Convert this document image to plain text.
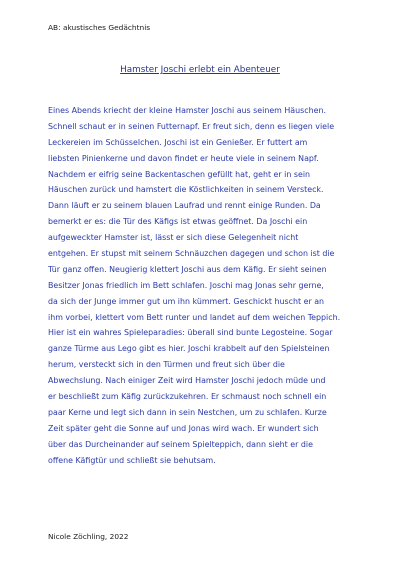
AB: akustisches Gedächtnis
Hamster Joschi erlebt ein Abenteuer
Eines Abends kriecht der kleine Hamster Joschi aus seinem Häuschen.
Schnell schaut er in seinen Futternapf. Er freut sich, denn es liegen viele
Leckereien im Schüsselchen. Joschi ist ein Genießer. Er futtert am
liebsten Pinienkerne und davon findet er heute viele in seinem Napf.
Nachdem er eifrig seine Backentaschen gefüllt hat, geht er in sein
Häuschen zurück und hamstert die Köstlichkeiten in seinem Versteck.
Dann läuft er zu seinem blauen Laufrad und rennt einige Runden. Da
bemerkt er es: die Tür des Käfigs ist etwas geöffnet. Da Joschi ein
aufgeweckter Hamster ist, lässt er sich diese Gelegenheit nicht
entgehen. Er stupst mit seinem Schnäuzchen dagegen und schon ist die
Tür ganz offen. Neugierig klettert Joschi aus dem Käfig. Er sieht seinen
Besitzer Jonas friedlich im Bett schlafen. Joschi mag Jonas sehr gerne,
da sich der Junge immer gut um ihn kümmert. Geschickt huscht er an
ihm vorbei, klettert vom Bett runter und landet auf dem weichen Teppich.
Hier ist ein wahres Spieleparadies: überall sind bunte Legosteine. Sogar
ganze Türme aus Lego gibt es hier. Joschi krabbelt auf den Spielsteinen
herum, versteckt sich in den Türmen und freut sich über die
Abwechslung. Nach einiger Zeit wird Hamster Joschi jedoch müde und
er beschließt zum Käfig zurückzukehren. Er schmaust noch schnell ein
paar Kerne und legt sich dann in sein Nestchen, um zu schlafen. Kurze
Zeit später geht die Sonne auf und Jonas wird wach. Er wundert sich
über das Durcheinander auf seinem Spielteppich, dann sieht er die
offene Käfigtür und schließt sie behutsam.
Nicole Zöchling, 2022
